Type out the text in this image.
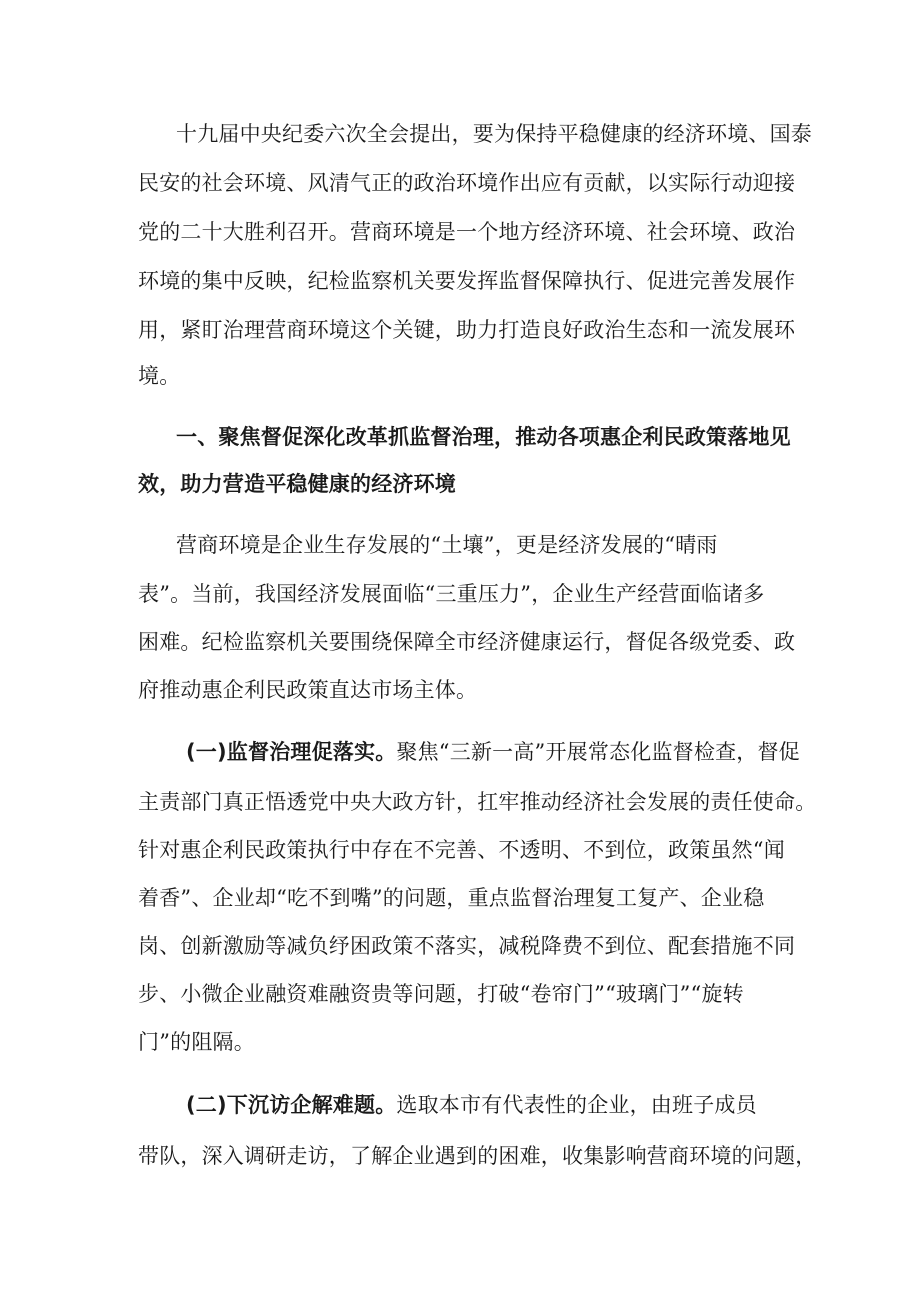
十九届中央纪委六次全会提出，要为保持平稳健康的经济环境、国泰
民安的社会环境、风清气正的政治环境作出应有贡献，以实际行动迎接
党的二十大胜利召开。营商环境是一个地方经济环境、社会环境、政治
环境的集中反映，纪检监察机关要发挥监督保障执行、促进完善发展作
用，紧盯治理营商环境这个关键，助力打造良好政治生态和一流发展环
境。
一、聚焦督促深化改革抓监督治理，推动各项惠企利民政策落地见
效，助力营造平稳健康的经济环境
营商环境是企业生存发展的“土壤”，更是经济发展的“晴雨
表”。当前，我国经济发展面临“三重压力”，企业生产经营面临诸多
困难。纪检监察机关要围绕保障全市经济健康运行，督促各级党委、政
府推动惠企利民政策直达市场主体。
(一)监督治理促落实。聚焦“三新一高”开展常态化监督检查，督促
主责部门真正悟透党中央大政方针，扛牢推动经济社会发展的责任使命。
针对惠企利民政策执行中存在不完善、不透明、不到位，政策虽然“闻
着香”、企业却“吃不到嘴”的问题，重点监督治理复工复产、企业稳
岗、创新激励等减负纾困政策不落实，减税降费不到位、配套措施不同
步、小微企业融资难融资贵等问题，打破“卷帘门”“玻璃门”“旋转
门”的阻隔。
(二)下沉访企解难题。选取本市有代表性的企业，由班子成员
带队，深入调研走访，了解企业遇到的困难，收集影响营商环境的问题，
